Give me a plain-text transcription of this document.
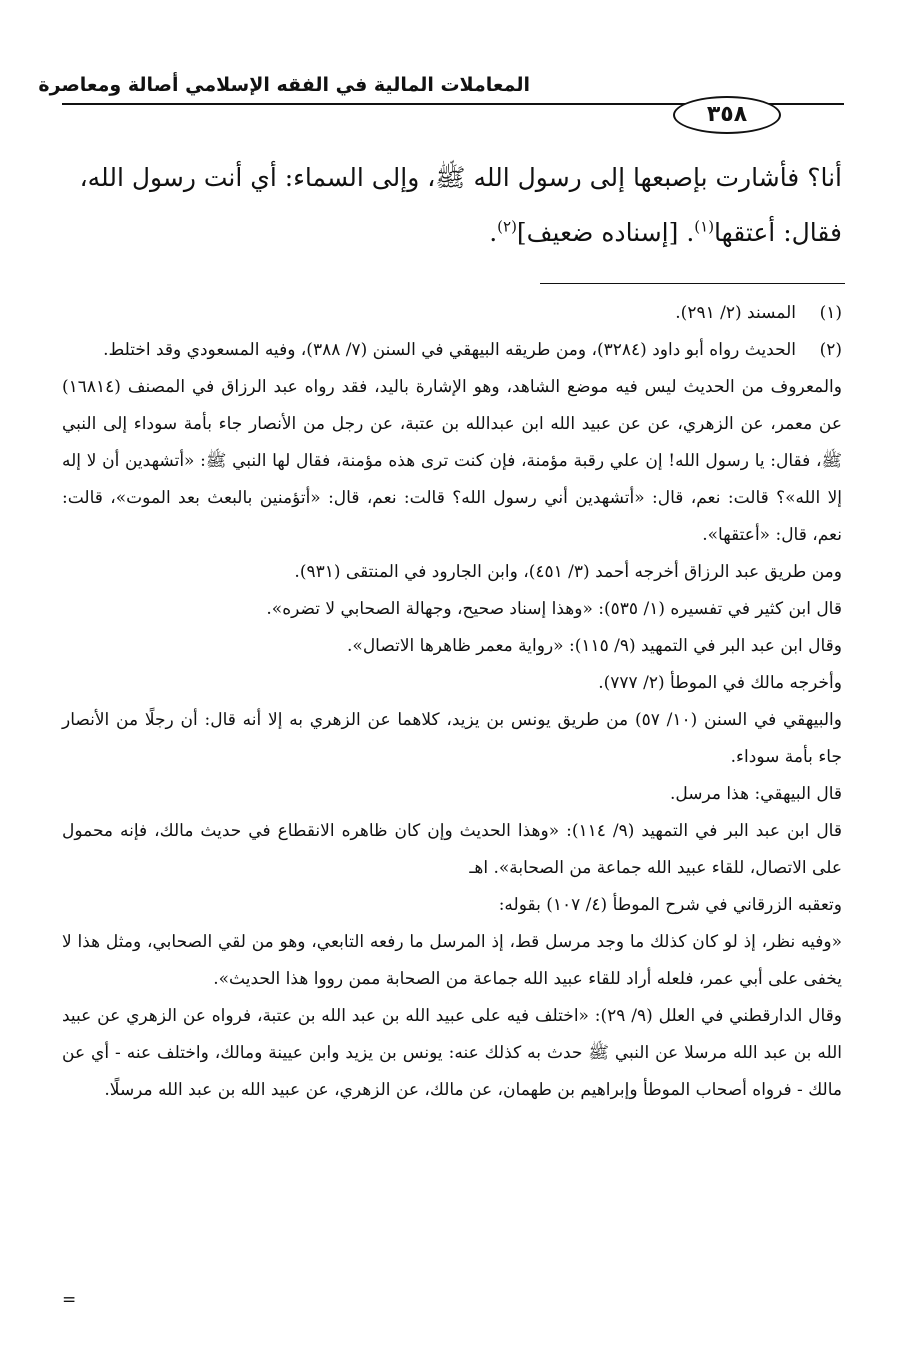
المعاملات المالية في الفقه الإسلامي أصالة ومعاصرة
٣٥٨

أنا؟ فأشارت بإصبعها إلى رسول الله ﷺ، وإلى السماء: أي أنت رسول الله،

فقال: أعتقها$^{(١)}$. [إسناده ضعيف]$^{(٢)}$.

(١)

المسند (٢/ ٢٩١).

(٢)

الحديث رواه أبو داود (٣٢٨٤)، ومن طريقه البيهقي في السنن (٧/ ٣٨٨)، وفيه المسعودي وقد اختلط.

والمعروف من الحديث ليس فيه موضع الشاهد، وهو الإشارة باليد، فقد رواه عبد الرزاق في المصنف (١٦٨١٤) عن معمر، عن الزهري، عن عن عبيد الله ابن عبدالله بن عتبة، عن رجل من الأنصار جاء بأمة سوداء إلى النبي ﷺ، فقال: يا رسول الله! إن علي رقبة مؤمنة، فإن كنت ترى هذه مؤمنة، فقال لها النبي ﷺ: «أتشهدين أن لا إله إلا الله»؟ قالت: نعم، قال: «أتشهدين أني رسول الله؟ قالت: نعم، قال: «أتؤمنين بالبعث بعد الموت»، قالت: نعم، قال: «أعتقها».

ومن طريق عبد الرزاق أخرجه أحمد (٣/ ٤٥١)، وابن الجارود في المنتقى (٩٣١).

قال ابن كثير في تفسيره (١/ ٥٣٥): «وهذا إسناد صحيح، وجهالة الصحابي لا تضره».

وقال ابن عبد البر في التمهيد (٩/ ١١٥): «رواية معمر ظاهرها الاتصال».

وأخرجه مالك في الموطأ (٢/ ٧٧٧).

والبيهقي في السنن (١٠/ ٥٧) من طريق يونس بن يزيد، كلاهما عن الزهري به إلا أنه قال: أن رجلًا من الأنصار جاء بأمة سوداء.

قال البيهقي: هذا مرسل.

قال ابن عبد البر في التمهيد (٩/ ١١٤): «وهذا الحديث وإن كان ظاهره الانقطاع في حديث مالك، فإنه محمول على الاتصال، للقاء عبيد الله جماعة من الصحابة». اهـ

وتعقبه الزرقاني في شرح الموطأ (٤/ ١٠٧) بقوله:

«وفيه نظر، إذ لو كان كذلك ما وجد مرسل قط، إذ المرسل ما رفعه التابعي، وهو من لقي الصحابي، ومثل هذا لا يخفى على أبي عمر، فلعله أراد للقاء عبيد الله جماعة من الصحابة ممن رووا هذا الحديث».

وقال الدارقطني في العلل (٩/ ٢٩): «اختلف فيه على عبيد الله بن عبد الله بن عتبة، فرواه عن الزهري عن عبيد الله بن عبد الله مرسلا عن النبي ﷺ حدث به كذلك عنه: يونس بن يزيد وابن عيينة ومالك، واختلف عنه - أي عن مالك - فرواه أصحاب الموطأ وإبراهيم بن طهمان، عن مالك، عن الزهري، عن عبيد الله بن عبد الله مرسلًا.

=
